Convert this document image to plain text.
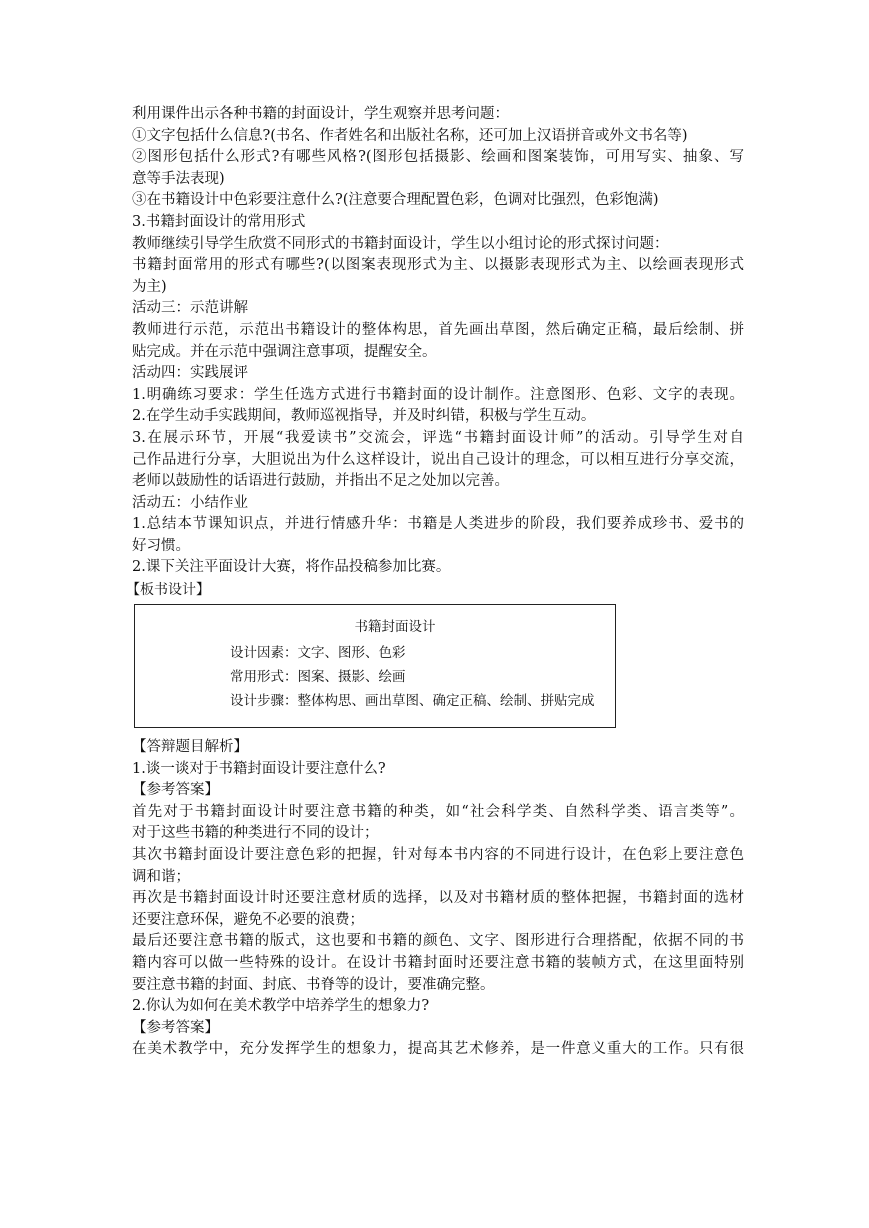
利用课件出示各种书籍的封面设计，学生观察并思考问题：

①文字包括什么信息?(书名、作者姓名和出版社名称，还可加上汉语拼音或外文书名等)

②图形包括什么形式?有哪些风格?(图形包括摄影、绘画和图案装饰，可用写实、抽象、写

意等手法表现)

③在书籍设计中色彩要注意什么?(注意要合理配置色彩，色调对比强烈，色彩饱满)

3.书籍封面设计的常用形式

教师继续引导学生欣赏不同形式的书籍封面设计，学生以小组讨论的形式探讨问题：

书籍封面常用的形式有哪些?(以图案表现形式为主、以摄影表现形式为主、以绘画表现形式

为主)

活动三：示范讲解

教师进行示范，示范出书籍设计的整体构思，首先画出草图，然后确定正稿，最后绘制、拼

贴完成。并在示范中强调注意事项，提醒安全。

活动四：实践展评

1.明确练习要求：学生任选方式进行书籍封面的设计制作。注意图形、色彩、文字的表现。

2.在学生动手实践期间，教师巡视指导，并及时纠错，积极与学生互动。

3.在展示环节，开展“我爱读书”交流会，评选“书籍封面设计师”的活动。引导学生对自

己作品进行分享，大胆说出为什么这样设计，说出自己设计的理念，可以相互进行分享交流，

老师以鼓励性的话语进行鼓励，并指出不足之处加以完善。

活动五：小结作业

1.总结本节课知识点，并进行情感升华：书籍是人类进步的阶段，我们要养成珍书、爱书的

好习惯。

2.课下关注平面设计大赛，将作品投稿参加比赛。

【板书设计】
书籍封面设计
设计因素：文字、图形、色彩
常用形式：图案、摄影、绘画
设计步骤：整体构思、画出草图、确定正稿、绘制、拼贴完成

【答辩题目解析】

1.谈一谈对于书籍封面设计要注意什么?

【参考答案】

首先对于书籍封面设计时要注意书籍的种类，如“社会科学类、自然科学类、语言类等”。

对于这些书籍的种类进行不同的设计；

其次书籍封面设计要注意色彩的把握，针对每本书内容的不同进行设计，在色彩上要注意色

调和谐；

再次是书籍封面设计时还要注意材质的选择，以及对书籍材质的整体把握，书籍封面的选材

还要注意环保，避免不必要的浪费；

最后还要注意书籍的版式，这也要和书籍的颜色、文字、图形进行合理搭配，依据不同的书

籍内容可以做一些特殊的设计。在设计书籍封面时还要注意书籍的装帧方式，在这里面特别

要注意书籍的封面、封底、书脊等的设计，要准确完整。

2.你认为如何在美术教学中培养学生的想象力?

【参考答案】

在美术教学中，充分发挥学生的想象力，提高其艺术修养，是一件意义重大的工作。只有很
